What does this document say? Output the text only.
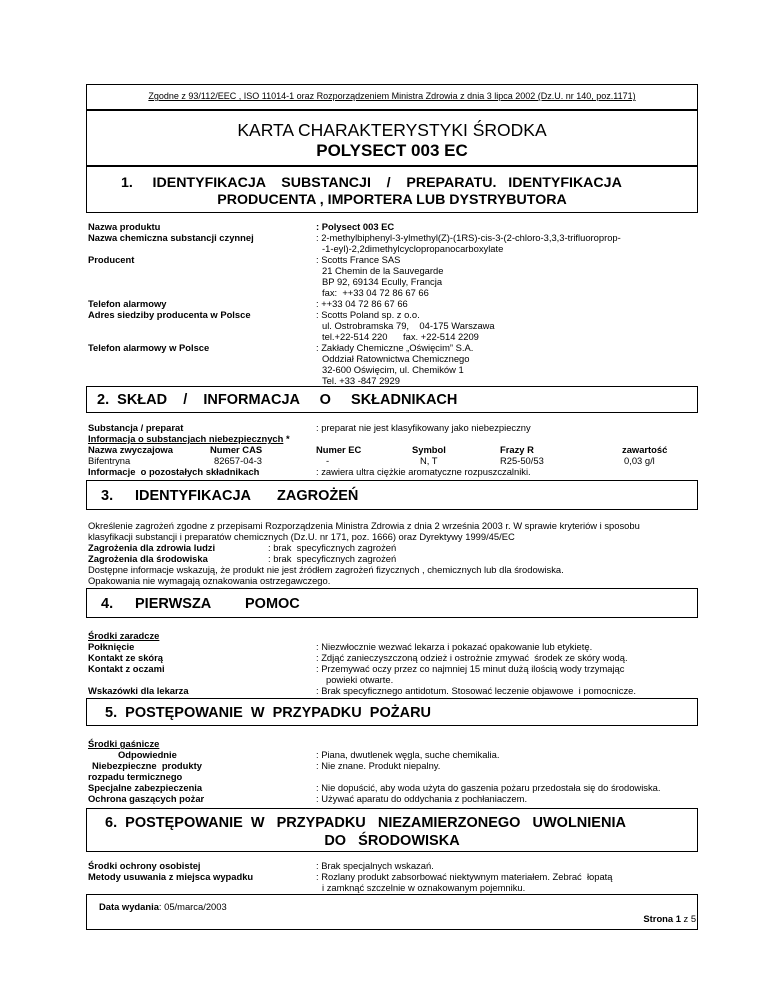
Zgodne z 93/112/EEC , ISO 11014-1 oraz Rozporządzeniem Ministra Zdrowia z dnia 3 lipca 2002 (Dz.U. nr 140, poz.1171)
KARTA CHARAKTERYSTYKI ŚRODKA
POLYSECT 003 EC
1.     IDENTYFIKACJA    SUBSTANCJI    /    PREPARATU.   IDENTYFIKACJA
PRODUCENTA , IMPORTERA LUB DYSTRYBUTORA
Nazwa produktu	: Polysect 003 EC
Nazwa chemiczna substancji czynnej	: 2-methylbiphenyl-3-ylmethyl(Z)-(1RS)-cis-3-(2-chloro-3,3,3-trifluoroprop-
-1-eyl)-2,2dimethylcyclopropanocarboxylate
Producent	: Scotts France SAS
21 Chemin de la Sauvegarde
BP 92, 69134 Ecully, Francja
fax:  ++33 04 72 86 67 66
Telefon alarmowy	: ++33 04 72 86 67 66
Adres siedziby producenta w Polsce	: Scotts Poland sp. z o.o.
ul. Ostrobramska 79,    04-175 Warszawa
tel.+22-514 220      fax. +22-514 2209
Telefon alarmowy w Polsce	: Zakłady Chemiczne „Oświęcim” S.A.
Oddział Ratownictwa Chemicznego
32-600 Oświęcim, ul. Chemików 1
Tel. +33 -847 2929
2.  SKŁAD    /    INFORMACJA     O     SKŁADNIKACH
Substancja / preparat	: preparat nie jest klasyfikowany jako niebezpieczny
Informacja o substancjach niebezpiecznych *
Nazwa zwyczajowa	Numer CAS	Numer EC	Symbol	Frazy R	zawartość
Bifentryna	82657-04-3	-	N, T	R25-50/53	0,03 g/l
Informacje  o pozostałych składnikach	: zawiera ultra ciężkie aromatyczne rozpuszczalniki.
3. IDENTYFIKACJA ZAGROŻEŃ
Określenie zagrożeń zgodne z przepisami Rozporządzenia Ministra Zdrowia z dnia 2 września 2003 r. W sprawie kryteriów i sposobu
klasyfikacji substancji i preparatów chemicznych (Dz.U. nr 171, poz. 1666) oraz Dyrektywy 1999/45/EC
Zagrożenia dla zdrowia ludzi	: brak  specyficznych zagrożeń
Zagrożenia dla środowiska	: brak  specyficznych zagrożeń
Dostępne informacje wskazują, że produkt nie jest źródłem zagrożeń fizycznych , chemicznych lub dla środowiska.
Opakowania nie wymagają oznakowania ostrzegawczego.
4. PIERWSZA POMOC
Środki zaradcze
Połknięcie	: Niezwłocznie wezwać lekarza i pokazać opakowanie lub etykietę.
Kontakt ze skórą	: Zdjąć zanieczyszczoną odzież i ostrożnie zmywać  środek ze skóry wodą.
Kontakt z oczami	: Przemywać oczy przez co najmniej 15 minut dużą ilością wody trzymając
powieki otwarte.
Wskazówki dla lekarza	: Brak specyficznego antidotum. Stosować leczenie objawowe  i pomocnicze.
5.  POSTĘPOWANIE  W  PRZYPADKU  POŻARU
Środki gaśnicze
Odpowiednie	: Piana, dwutlenek węgla, suche chemikalia.
Niebezpieczne  produkty	: Nie znane. Produkt niepalny.
rozpadu termicznego
Specjalne zabezpieczenia	: Nie dopuścić, aby woda użyta do gaszenia pożaru przedostała się do środowiska.
Ochrona gaszących pożar	: Używać aparatu do oddychania z pochłaniaczem.
6.  POSTĘPOWANIE  W   PRZYPADKU   NIEZAMIERZONEGO   UWOLNIENIA
DO   ŚRODOWISKA
Środki ochrony osobistej	: Brak specjalnych wskazań.
Metody usuwania z miejsca wypadku	: Rozlany produkt zabsorbować niektywnym materiałem. Zebrać  łopatą
i zamknąć szczelnie w oznakowanym pojemniku.
Data wydania: 05/marca/2003

Strona 1 z 5
